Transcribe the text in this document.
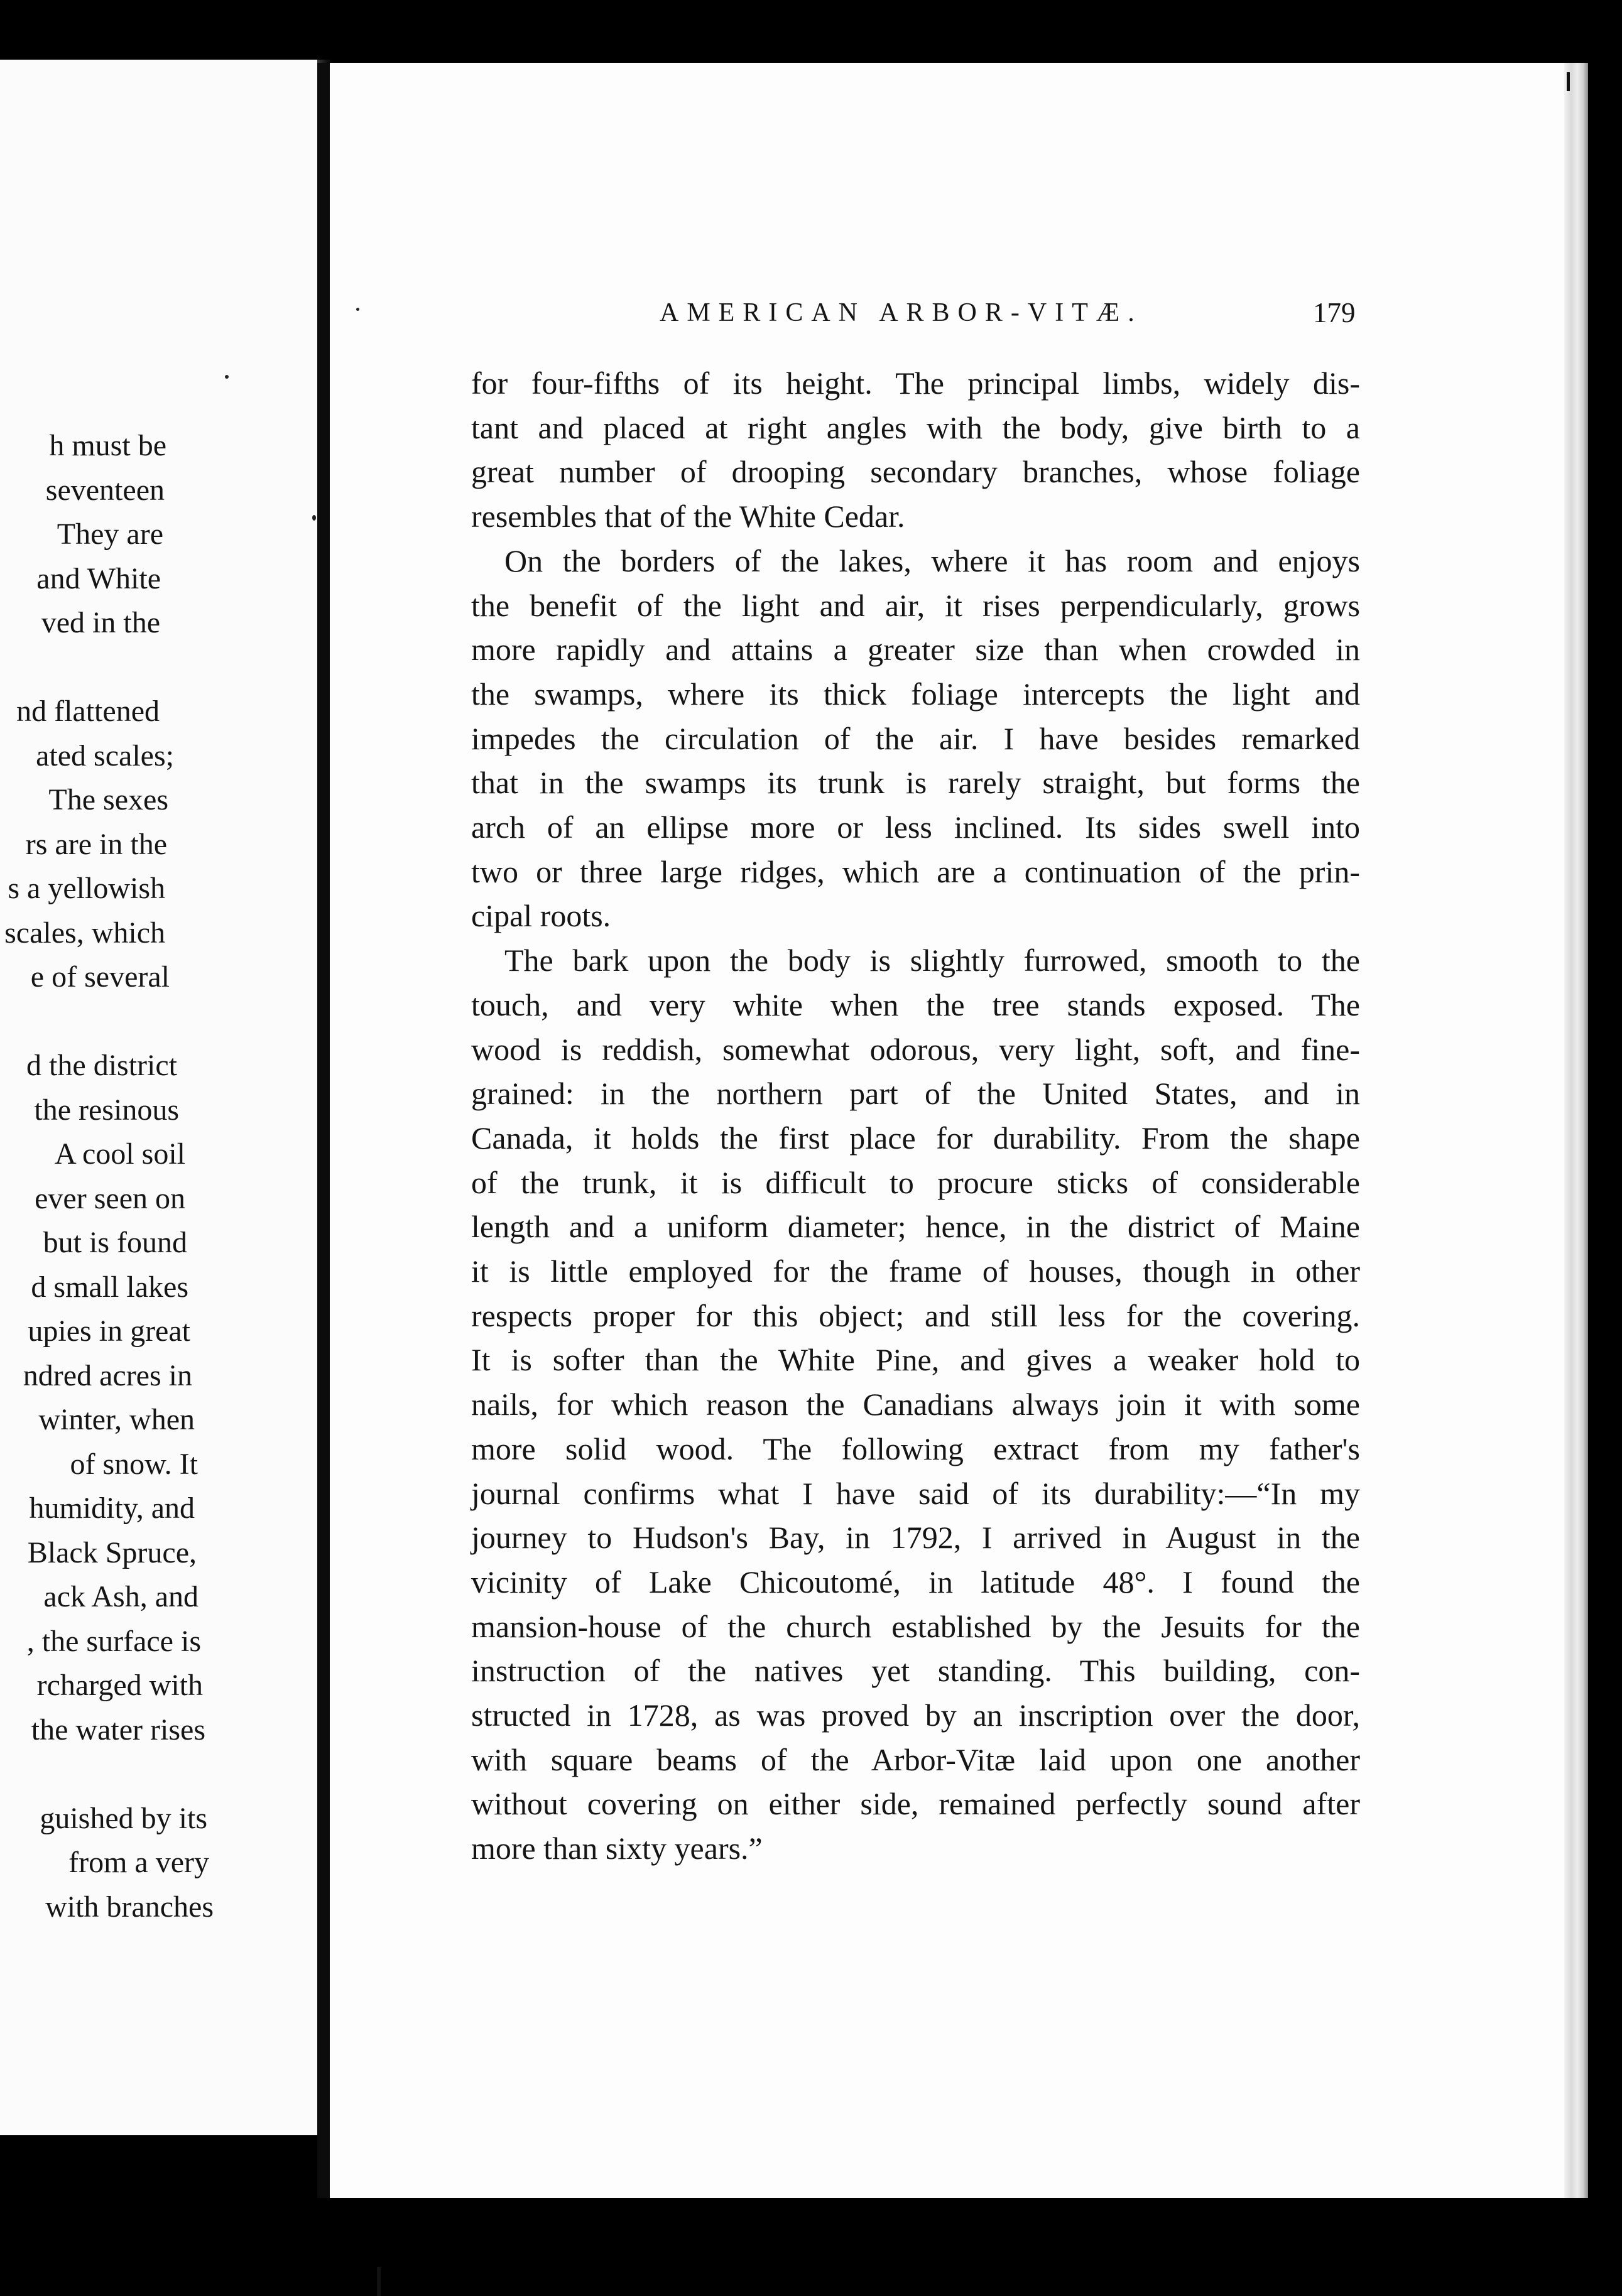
h must be
seventeen
They are
and White
ved in the
nd flattened
ated scales;
The sexes
rs are in the
s a yellowish
scales, which
e of several
d the district
the resinous
A cool soil
ever seen on
but is found
d small lakes
upies in great
ndred acres in
winter, when
of snow. It
humidity, and
Black Spruce,
ack Ash, and
, the surface is
rcharged with
the water rises
guished by its
from a very
with branches
AMERICAN ARBOR-VITÆ.	179
for four-fifths of its height. The principal limbs, widely dis-
tant and placed at right angles with the body, give birth to a
great number of drooping secondary branches, whose foliage
resembles that of the White Cedar.
On the borders of the lakes, where it has room and enjoys
the benefit of the light and air, it rises perpendicularly, grows
more rapidly and attains a greater size than when crowded in
the swamps, where its thick foliage intercepts the light and
impedes the circulation of the air. I have besides remarked
that in the swamps its trunk is rarely straight, but forms the
arch of an ellipse more or less inclined. Its sides swell into
two or three large ridges, which are a continuation of the prin-
cipal roots.
The bark upon the body is slightly furrowed, smooth to the
touch, and very white when the tree stands exposed. The
wood is reddish, somewhat odorous, very light, soft, and fine-
grained: in the northern part of the United States, and in
Canada, it holds the first place for durability. From the shape
of the trunk, it is difficult to procure sticks of considerable
length and a uniform diameter; hence, in the district of Maine
it is little employed for the frame of houses, though in other
respects proper for this object; and still less for the covering.
It is softer than the White Pine, and gives a weaker hold to
nails, for which reason the Canadians always join it with some
more solid wood. The following extract from my father's
journal confirms what I have said of its durability:—“In my
journey to Hudson's Bay, in 1792, I arrived in August in the
vicinity of Lake Chicoutomé, in latitude 48°. I found the
mansion-house of the church established by the Jesuits for the
instruction of the natives yet standing. This building, con-
structed in 1728, as was proved by an inscription over the door,
with square beams of the Arbor-Vitæ laid upon one another
without covering on either side, remained perfectly sound after
more than sixty years.”
